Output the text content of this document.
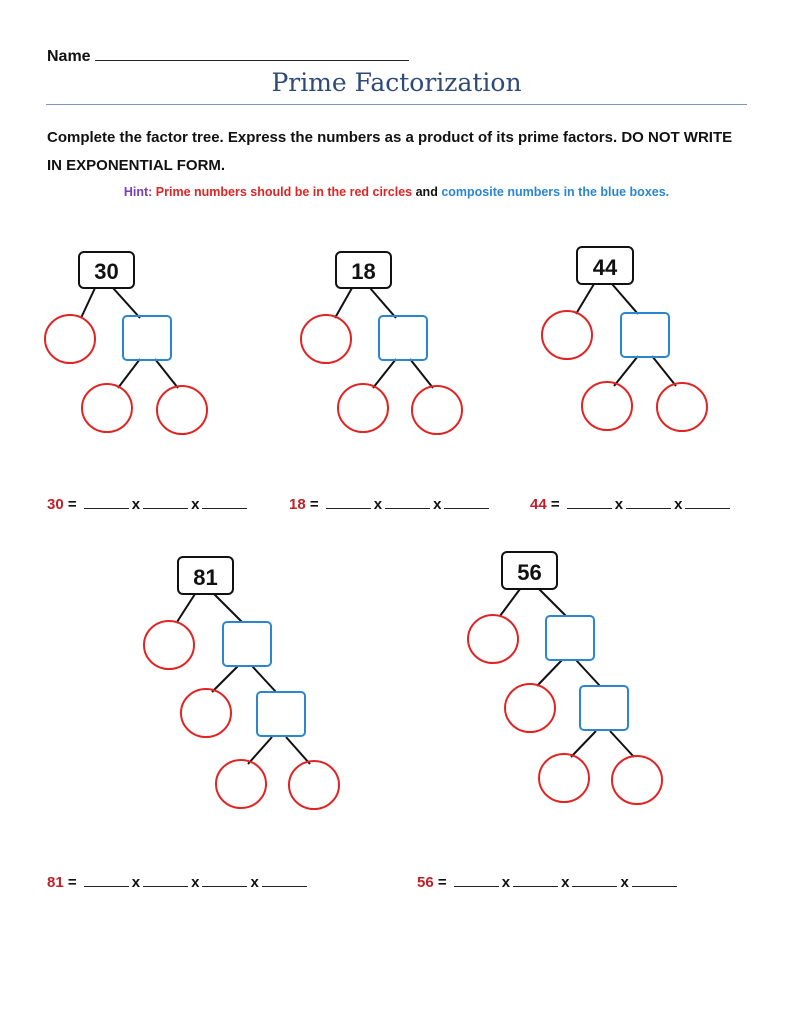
Name
Prime Factorization
Complete the factor tree. Express the numbers as a product of its prime factors. DO NOT WRITE IN EXPONENTIAL FORM.
Hint: Prime numbers should be in the red circles and composite numbers in the blue boxes.
30	18	44
81	56
30 =	x	x	18 =	x	x	44 =	x	x
81 =	x	x	x	56 =	x	x	x
